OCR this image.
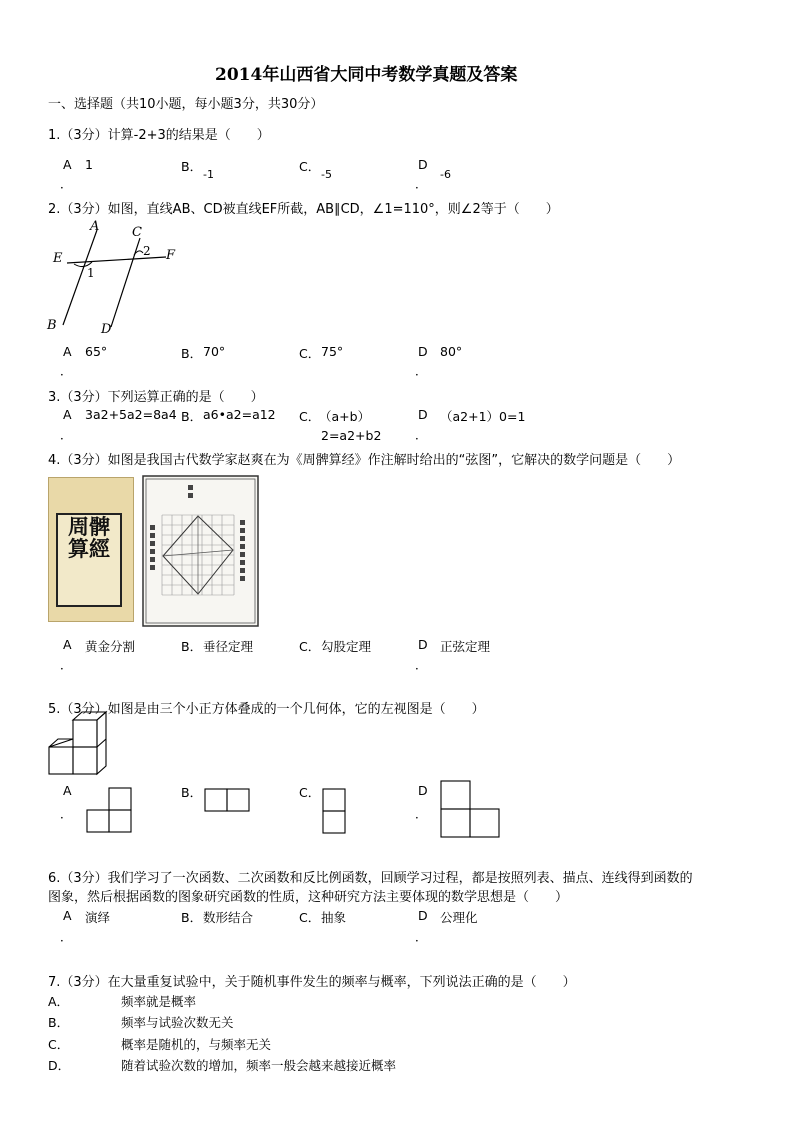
2014年山西省大同中考数学真题及答案
一、选择题（共10小题，每小题3分，共30分）
1.（3分）计算-2+3的结果是（　　）
A 1	B．
-1
C．
-5
D
-6
．	．
2.（3分）如图，直线AB、CD被直线EF所截，AB∥CD，∠1=110°，则∠2等于（　　）
A
B
C
D
E	F
1
2
A 65°	B． 70°	C． 75°	D 80°
．	．
3.（3分）下列运算正确的是（　　）
A 3a2+5a2=8a4 B． a6•a2=a12 C．
（a+b）
2=a2+b2
D （a2+1）0=1
．	．
4.（3分）如图是我国古代数学家赵爽在为《周髀算经》作注解时给出的“弦图”，它解决的数学问题是（　　）
周髀算經
A 黄金分割	B． 垂径定理	C． 勾股定理	D 正弦定理
．	．
5.（3分）如图是由三个小正方体叠成的一个几何体，它的左视图是（　　）
A	B．	C．	D
．	．
6.（3分）我们学习了一次函数、二次函数和反比例函数，回顾学习过程，都是按照列表、描点、连线得到函数的
图象，然后根据函数的图象研究函数的性质，这种研究方法主要体现的数学思想是（　　）
A 演绎	B． 数形结合	C． 抽象	D 公理化
．	．
7.（3分）在大量重复试验中，关于随机事件发生的频率与概率，下列说法正确的是（　　）
A．	频率就是概率
B．	频率与试验次数无关
C．	概率是随机的，与频率无关
D．	随着试验次数的增加，频率一般会越来越接近概率
